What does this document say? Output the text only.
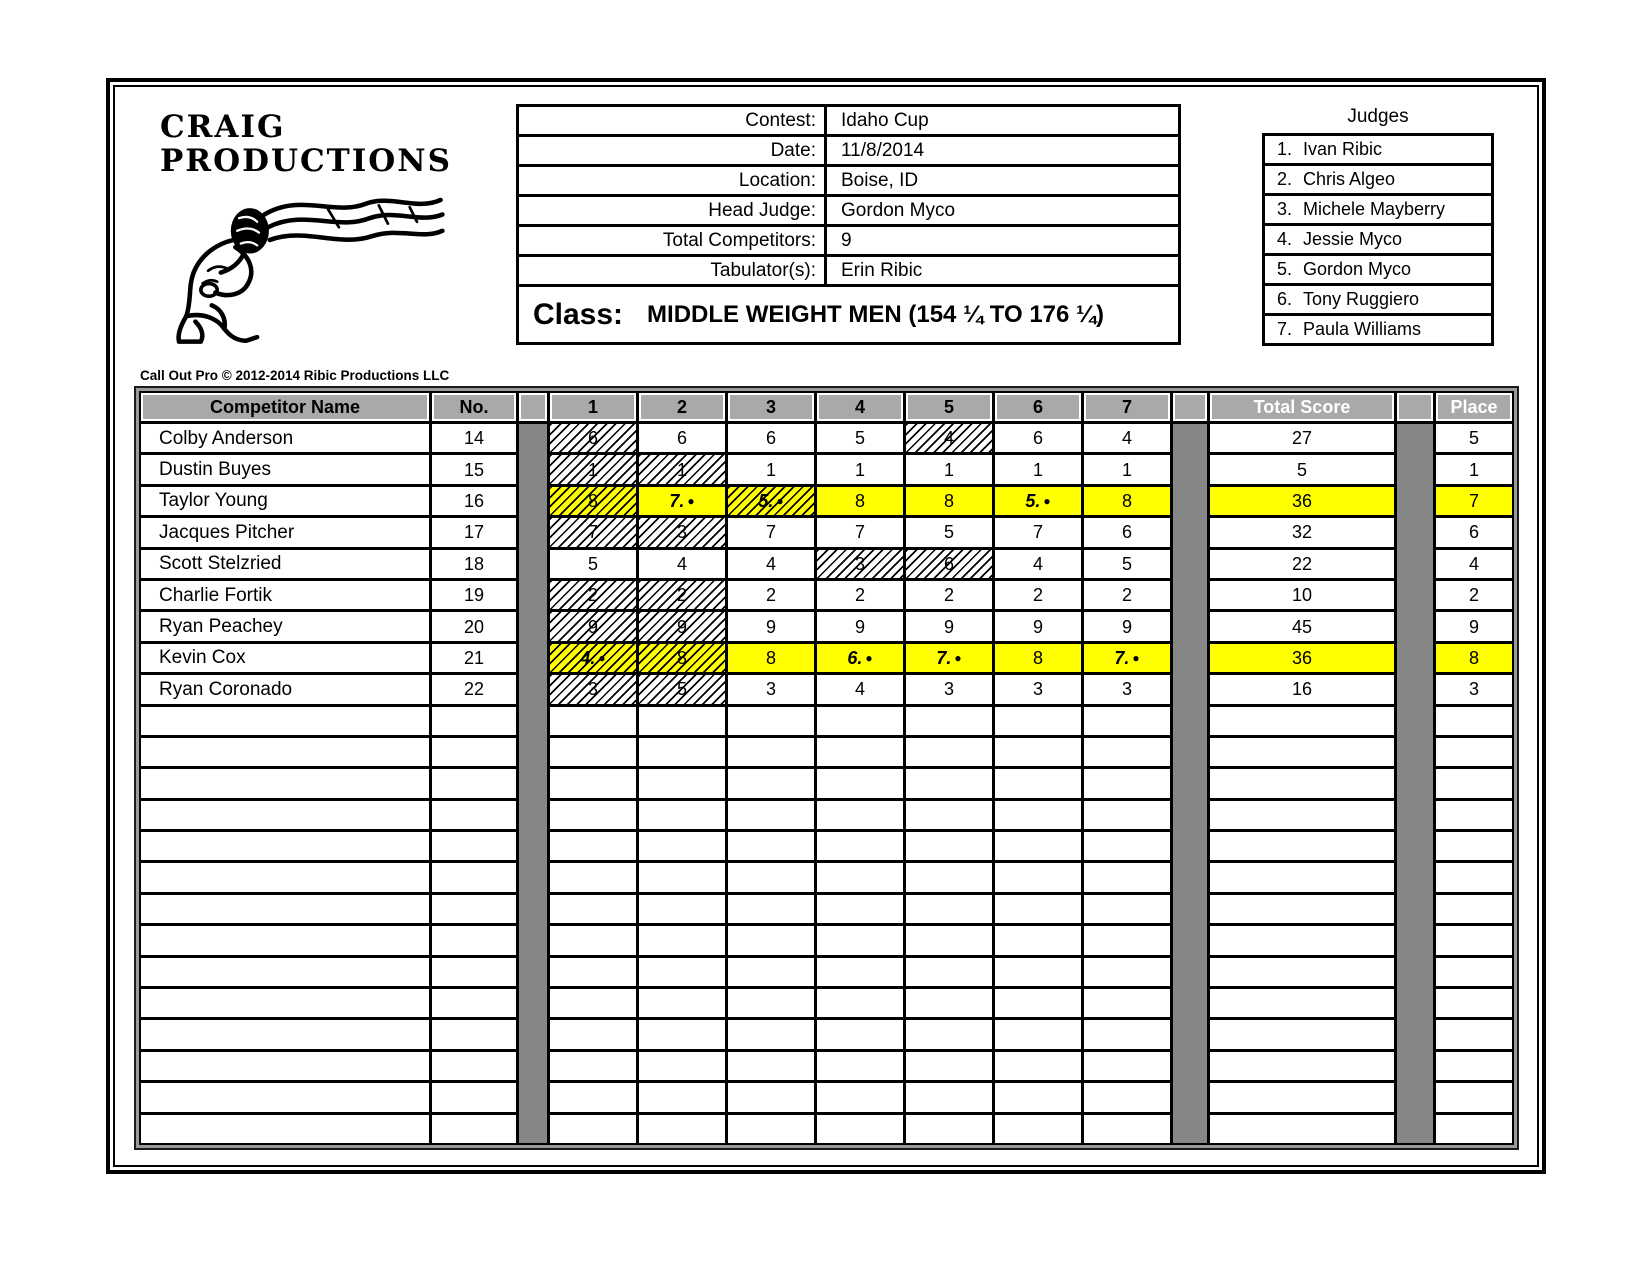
CRAIG
PRODUCTIONS
Call Out Pro © 2012-2014 Ribic Productions LLC
Contest:	Idaho Cup
Date:	11/8/2014
Location:	Boise, ID
Head Judge:	Gordon Myco
Total Competitors:	9
Tabulator(s):	Erin Ribic
Class: MIDDLE WEIGHT MEN (154 ¼ TO 176 ¼)
Judges
1. Ivan Ribic
2. Chris Algeo
3. Michele Mayberry
4. Jessie Myco
5. Gordon Myco
6. Tony Ruggiero
7. Paula Williams
Competitor Name	No.	1	2	3	4	5	6	7	Total Score	Place
Colby Anderson	14	6	6	6	5	4	6	4	27	5
Dustin Buyes	15	1	1	1	1	1	1	1	5	1
Taylor Young	16	8	7. ●	5. ●	8	8	5. ●	8	36	7
Jacques Pitcher	17	7	3	7	7	5	7	6	32	6
Scott Stelzried	18	5	4	4	3	6	4	5	22	4
Charlie Fortik	19	2	2	2	2	2	2	2	10	2
Ryan Peachey	20	9	9	9	9	9	9	9	45	9
Kevin Cox	21	4. ●	8	8	6. ●	7. ●	8	7. ●	36	8
Ryan Coronado	22	3	5	3	4	3	3	3	16	3
